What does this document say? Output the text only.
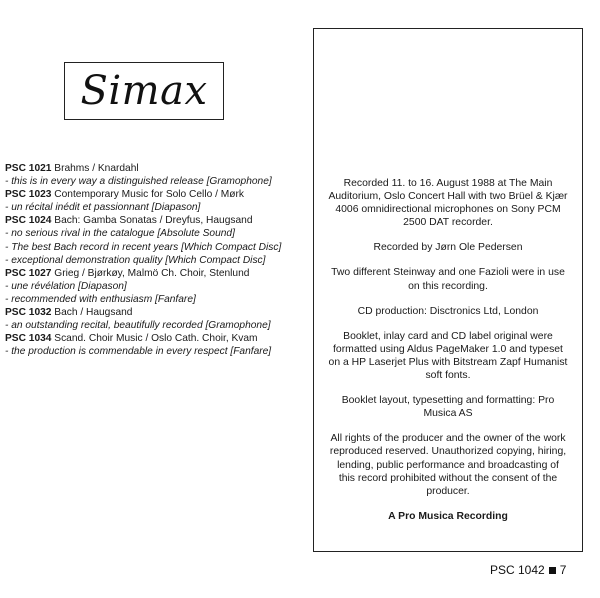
Simax
PSC 1021 Brahms / Knardahl
- this is in every way a distinguished release [Gramophone]
PSC 1023 Contemporary Music for Solo Cello / Mørk
- un récital inédit et passionnant [Diapason]
PSC 1024 Bach: Gamba Sonatas / Dreyfus, Haugsand
- no serious rival in the catalogue [Absolute Sound]
- The best Bach record in recent years [Which Compact Disc]
- exceptional demonstration quality [Which Compact Disc]
PSC 1027 Grieg / Bjørkøy, Malmö Ch. Choir, Stenlund
- une révélation [Diapason]
- recommended with enthusiasm [Fanfare]
PSC 1032 Bach / Haugsand
- an outstanding recital, beautifully recorded [Gramophone]
PSC 1034 Scand. Choir Music / Oslo Cath. Choir, Kvam
- the production is commendable in every respect [Fanfare]

Recorded 11. to 16. August 1988 at The Main Auditorium, Oslo Concert Hall with two Brüel & Kjær 4006 omnidirectional microphones on Sony PCM 2500 DAT recorder.

Recorded by Jørn Ole Pedersen

Two different Steinway and one Fazioli were in use on this recording.

CD production: Disctronics Ltd, London

Booklet, inlay card and CD label original were formatted using Aldus PageMaker 1.0 and typeset on a HP Laserjet Plus with Bitstream Zapf Humanist soft fonts.

Booklet layout, typesetting and formatting: Pro Musica AS

All rights of the producer and the owner of the work reproduced reserved. Unauthorized copying, hiring, lending, public performance and broadcasting of this record prohibited without the consent of the producer.

A Pro Musica Recording

PSC 1042 7
